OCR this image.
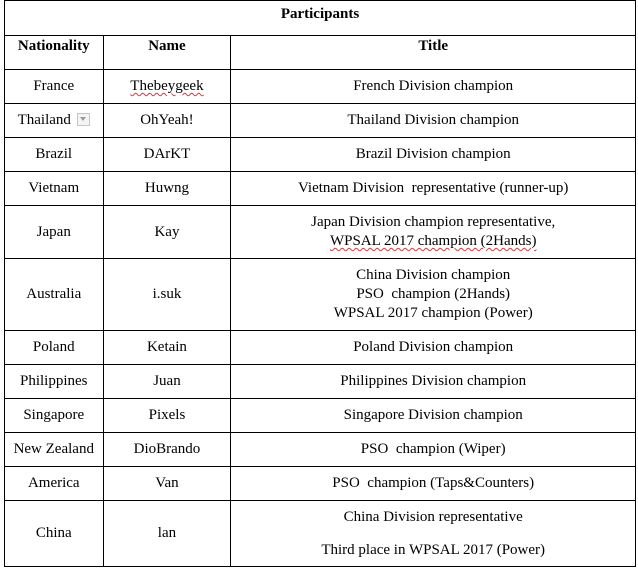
Participants		
Nationality	Name	Title
France	Thebeygeek	French Division champion

Thailand	OhYeah!	Thailand Division champion

Brazil	DArKT	Brazil Division champion

Vietnam	Huwng	Vietnam Division  representative (runner-up)

Japan	Kay	Japan Division champion representative,
WPSAL 2017 champion (2Hands)

Australia	i.suk	China Division champion
PSO  champion (2Hands)
WPSAL 2017 champion (Power)

Poland	Ketain	Poland Division champion

Philippines	Juan	Philippines Division champion

Singapore	Pixels	Singapore Division champion

New Zealand	DioBrando	PSO  champion (Wiper)

America	Van	PSO  champion (Taps&Counters)

China	lan	China Division representative
Third place in WPSAL 2017 (Power)
